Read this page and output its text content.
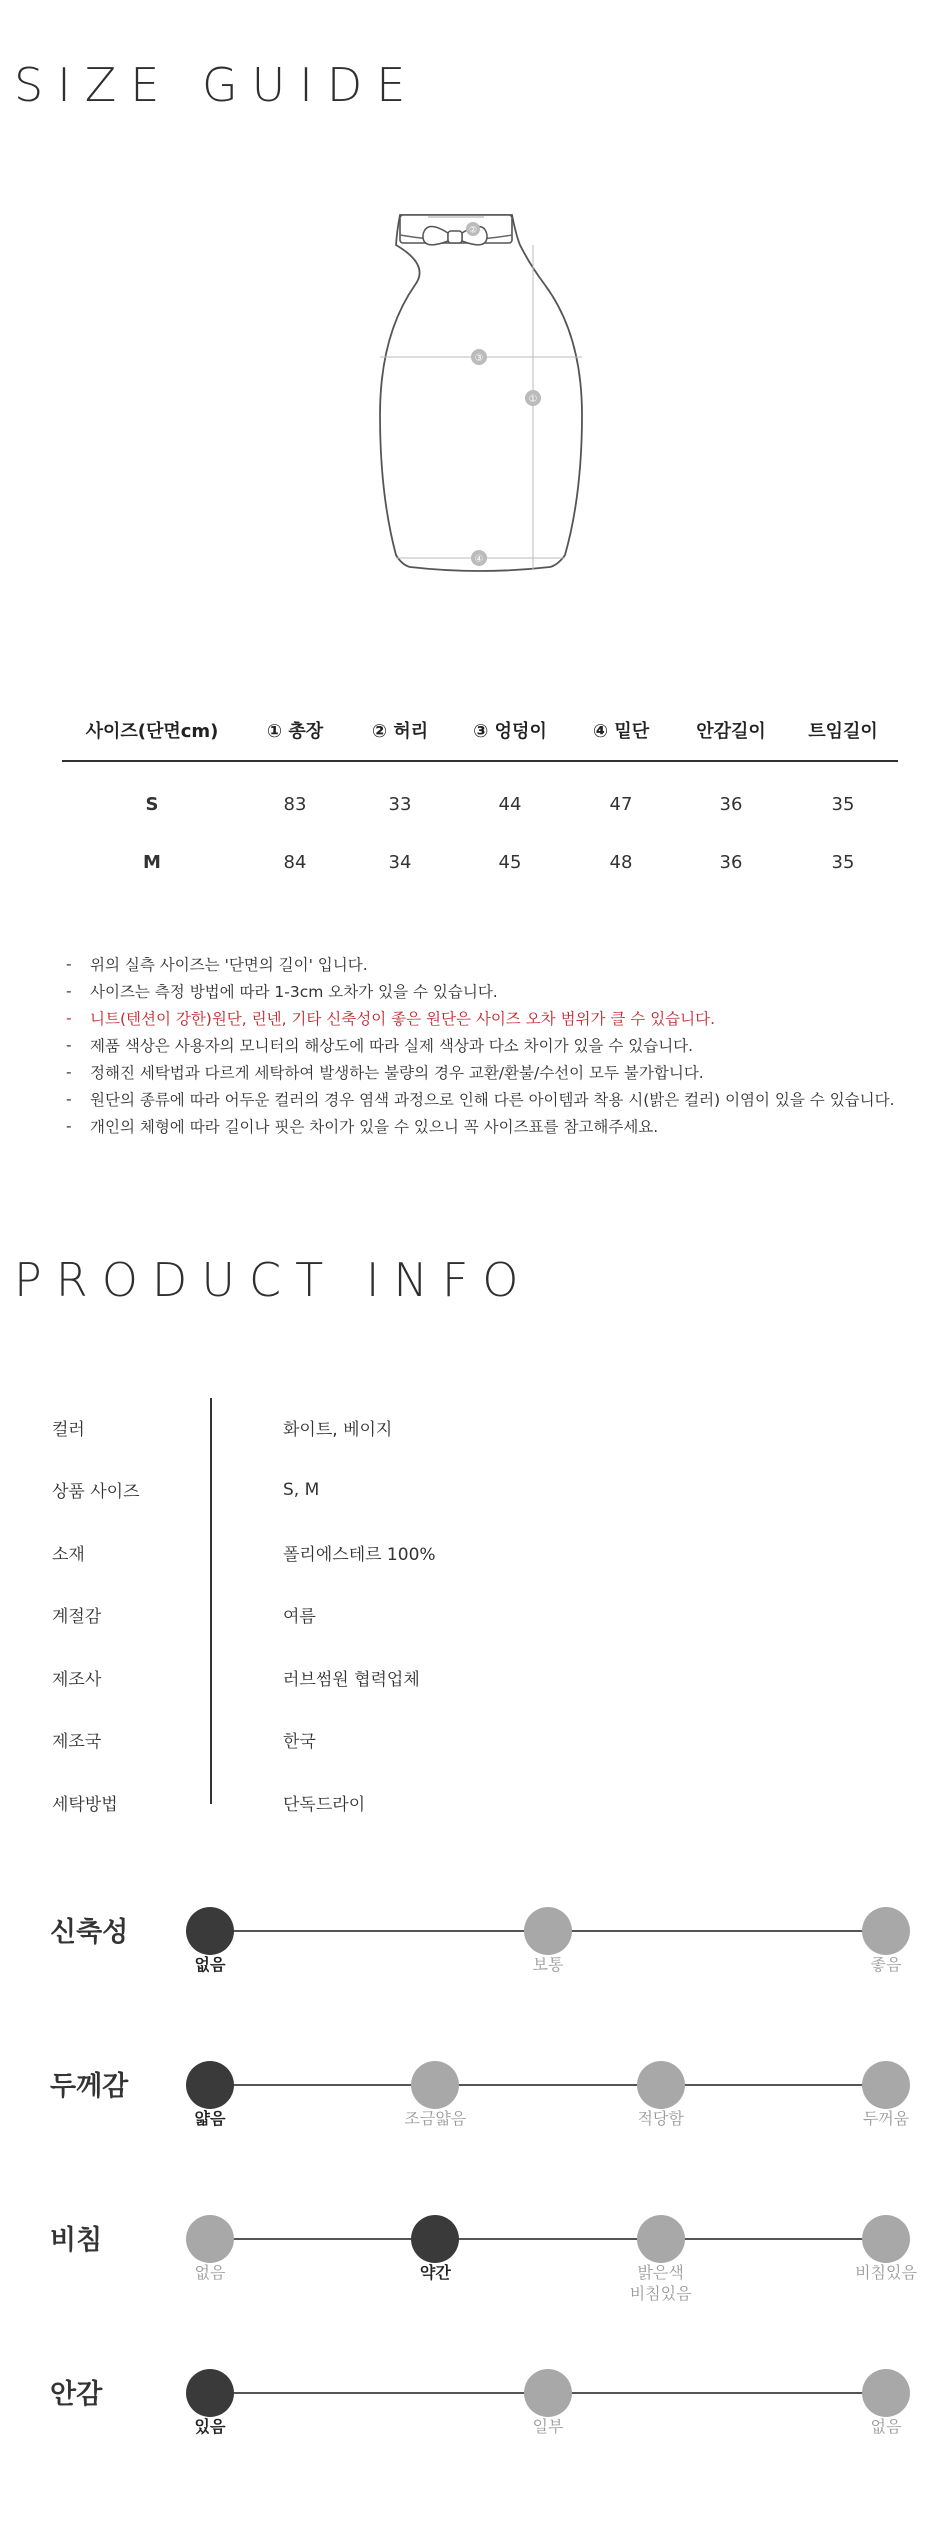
SIZE GUIDE
②
③
①
④
사이즈(단면cm)	① 총장	② 허리	③ 엉덩이	④ 밑단	안감길이	트임길이
S	83	33	44	47	36	35
M	84	34	45	48	36	35
-	위의 실측 사이즈는 '단면의 길이' 입니다.
-	사이즈는 측정 방법에 따라 1-3cm 오차가 있을 수 있습니다.
-	니트(텐션이 강한)원단, 린넨, 기타 신축성이 좋은 원단은 사이즈 오차 범위가 클 수 있습니다.
-	제품 색상은 사용자의 모니터의 해상도에 따라 실제 색상과 다소 차이가 있을 수 있습니다.
-	정해진 세탁법과 다르게 세탁하여 발생하는 불량의 경우 교환/환불/수선이 모두 불가합니다.
-	원단의 종류에 따라 어두운 컬러의 경우 염색 과정으로 인해 다른 아이템과 착용 시(밝은 컬러) 이염이 있을 수 있습니다.
-	개인의 체형에 따라 길이나 핏은 차이가 있을 수 있으니 꼭 사이즈표를 참고해주세요.
PRODUCT INFO
컬러	화이트, 베이지
상품 사이즈	S, M
소재	폴리에스테르 100%
계절감	여름
제조사	러브썸원 협력업체
제조국	한국
세탁방법	단독드라이
신축성
없음	보통	좋음
두께감
얇음	조금얇음	적당함	두꺼움
비침
없음	약간	밝은색
비침있음
비침있음
안감
있음	일부	없음
